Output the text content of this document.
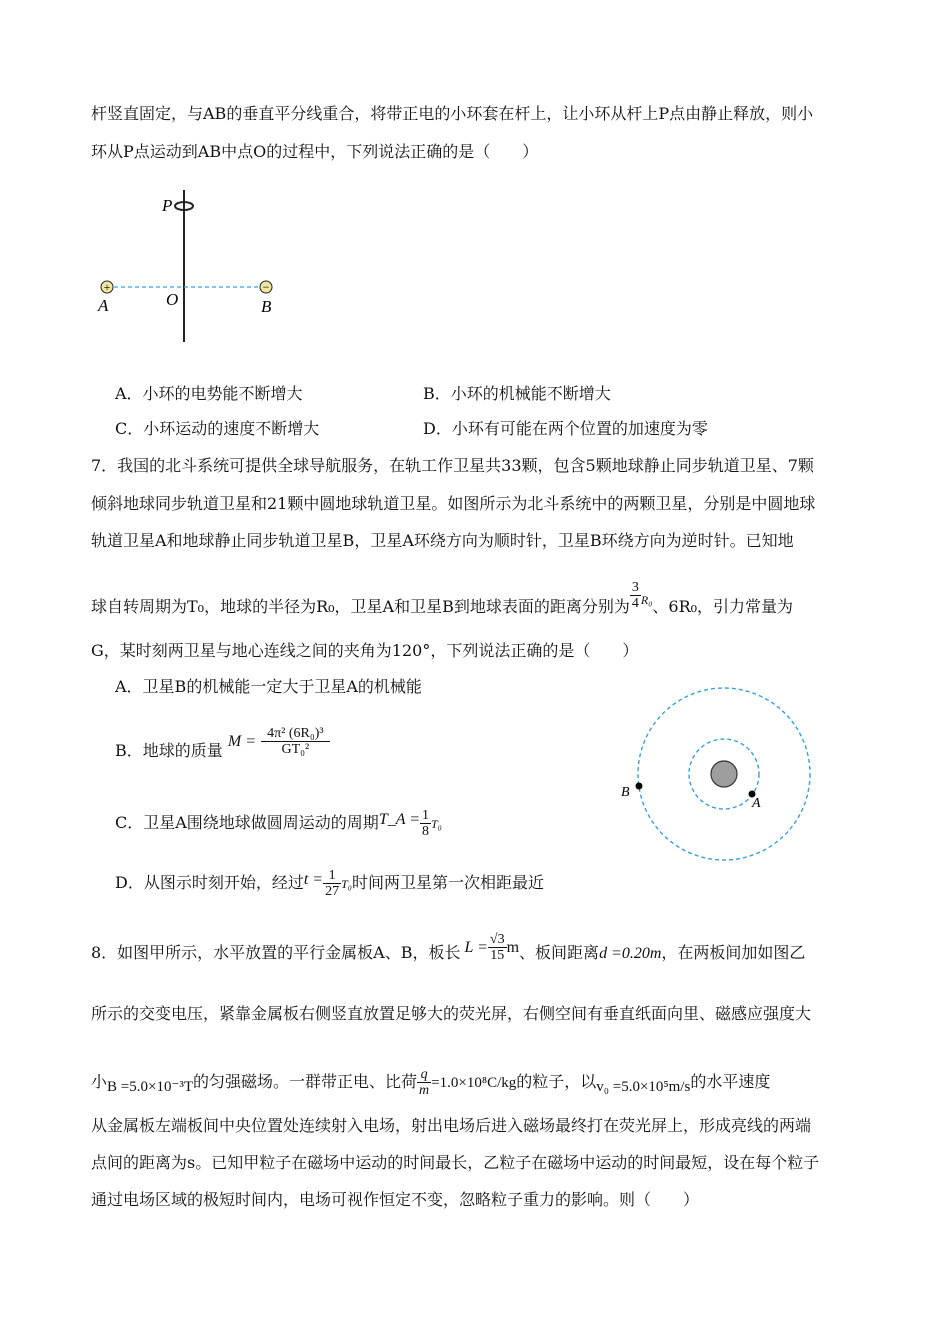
杆竖直固定，与AB的垂直平分线重合，将带正电的小环套在杆上，让小环从杆上P点由静止释放，则小
环从P点运动到AB中点O的过程中，下列说法正确的是（　　）
+	−
P
A	O	B
A．小环的电势能不断增大	B．小环的机械能不断增大
C．小环运动的速度不断增大	D．小环有可能在两个位置的加速度为零
7．我国的北斗系统可提供全球导航服务，在轨工作卫星共33颗，包含5颗地球静止同步轨道卫星、7颗
倾斜地球同步轨道卫星和21颗中圆地球轨道卫星。如图所示为北斗系统中的两颗卫星，分别是中圆地球
轨道卫星A和地球静止同步轨道卫星B，卫星A环绕方向为顺时针，卫星B环绕方向为逆时针。已知地
球自转周期为T₀，地球的半径为R₀，卫星A和卫星B到地球表面的距离分别为 $\frac{3}{4} ^{R_0}$、6R₀，引力常量为
G，某时刻两卫星与地心连线之间的夹角为120°，下列说法正确的是（　　）
A．卫星B的机械能一定大于卫星A的机械能
B．地球的质量 $M = \frac{\text{4π² (6R₀)³}}{\text{GT₀²}}$
C．卫星A围绕地球做圆周运动的周期T_A = $\frac{1}{8} T_0$
D．从图示时刻开始，经过$t = \frac{1}{27} T_0$时间两卫星第一次相距最近
A
B
8．如图甲所示，水平放置的平行金属板A、B，板长 $L = \frac{√3}{15}$ m、板间距离d =0.20m，在两板间加如图乙
所示的交变电压，紧靠金属板右侧竖直放置足够大的荧光屏，右侧空间有垂直纸面向里、磁感应强度大
小B =5.0×10⁻³T的匀强磁场。一群带正电、比荷 $\frac{q}{m} =1.0\times 10^8C/kg$的粒子，以v₀ =5.0×10⁵m/s的水平速度
从金属板左端板间中央位置处连续射入电场，射出电场后进入磁场最终打在荧光屏上，形成亮线的两端
点间的距离为s。已知甲粒子在磁场中运动的时间最长，乙粒子在磁场中运动的时间最短，设在每个粒子
通过电场区域的极短时间内，电场可视作恒定不变，忽略粒子重力的影响。则（　　）
